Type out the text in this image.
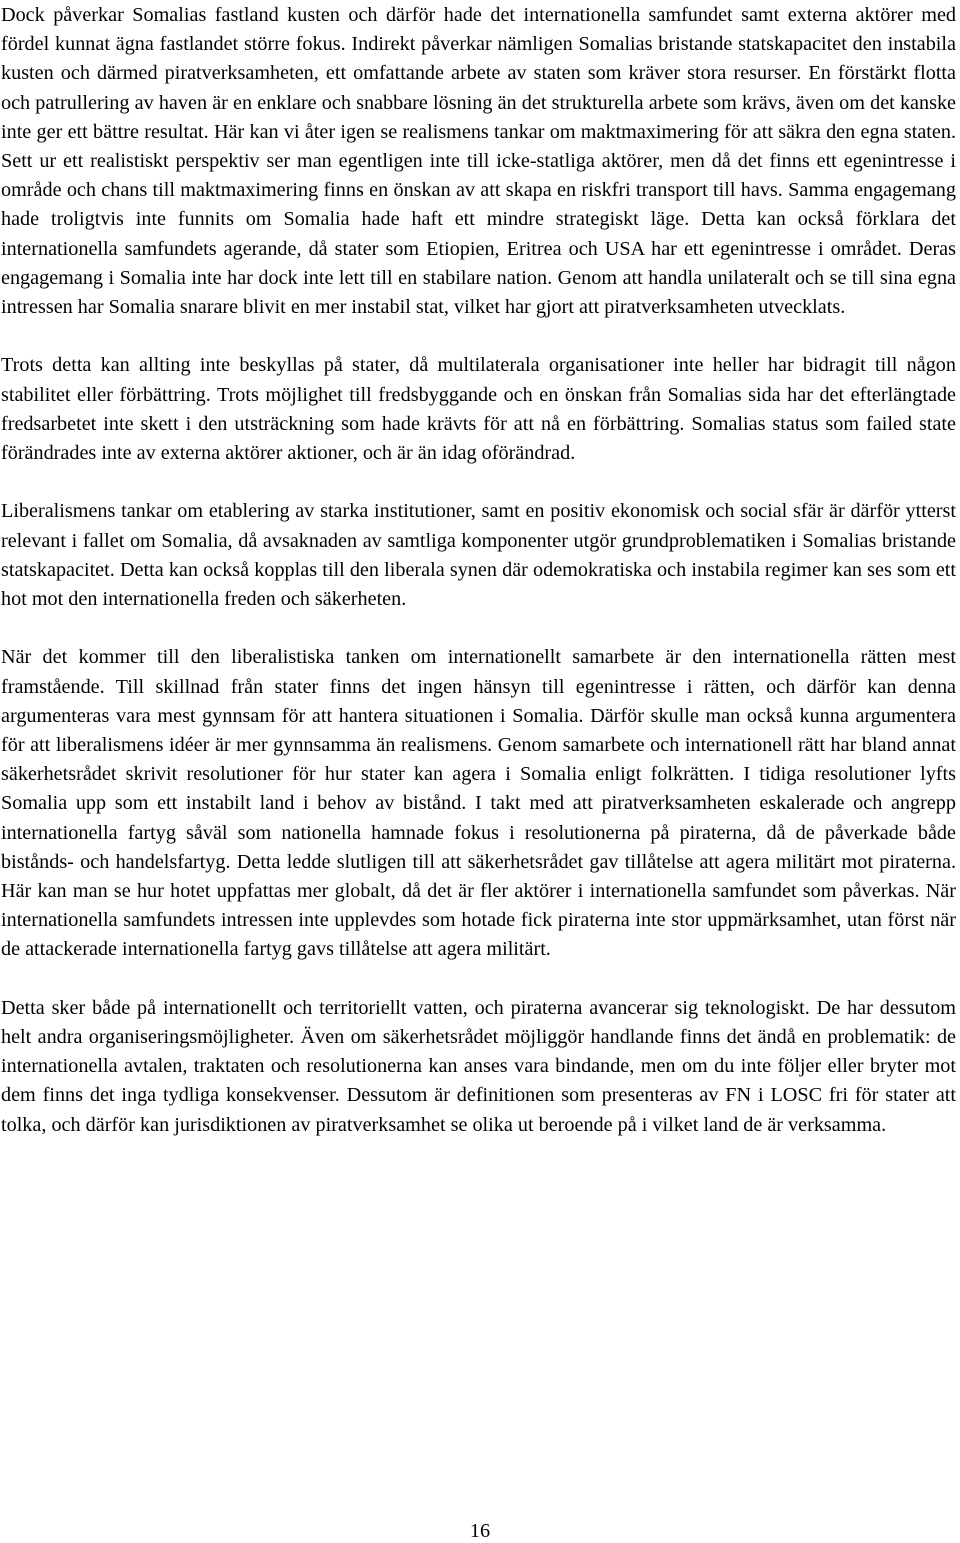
Dock påverkar Somalias fastland kusten och därför hade det internationella samfundet samt externa aktörer med fördel kunnat ägna fastlandet större fokus. Indirekt påverkar nämligen Somalias bristande statskapacitet den instabila kusten och därmed piratverksamheten, ett omfattande arbete av staten som kräver stora resurser. En förstärkt flotta och patrullering av haven är en enklare och snabbare lösning än det strukturella arbete som krävs, även om det kanske inte ger ett bättre resultat. Här kan vi åter igen se realismens tankar om maktmaximering för att säkra den egna staten. Sett ur ett realistiskt perspektiv ser man egentligen inte till icke-statliga aktörer, men då det finns ett egenintresse i område och chans till maktmaximering finns en önskan av att skapa en riskfri transport till havs. Samma engagemang hade troligtvis inte funnits om Somalia hade haft ett mindre strategiskt läge. Detta kan också förklara det internationella samfundets agerande, då stater som Etiopien, Eritrea och USA har ett egenintresse i området. Deras engagemang i Somalia inte har dock inte lett till en stabilare nation. Genom att handla unilateralt och se till sina egna intressen har Somalia snarare blivit en mer instabil stat, vilket har gjort att piratverksamheten utvecklats.

Trots detta kan allting inte beskyllas på stater, då multilaterala organisationer inte heller har bidragit till någon stabilitet eller förbättring. Trots möjlighet till fredsbyggande och en önskan från Somalias sida har det efterlängtade fredsarbetet inte skett i den utsträckning som hade krävts för att nå en förbättring. Somalias status som failed state förändrades inte av externa aktörer aktioner, och är än idag oförändrad.

Liberalismens tankar om etablering av starka institutioner, samt en positiv ekonomisk och social sfär är därför ytterst relevant i fallet om Somalia, då avsaknaden av samtliga komponenter utgör grundproblematiken i Somalias bristande statskapacitet. Detta kan också kopplas till den liberala synen där odemokratiska och instabila regimer kan ses som ett hot mot den internationella freden och säkerheten.

När det kommer till den liberalistiska tanken om internationellt samarbete är den internationella rätten mest framstående. Till skillnad från stater finns det ingen hänsyn till egenintresse i rätten, och därför kan denna argumenteras vara mest gynnsam för att hantera situationen i Somalia. Därför skulle man också kunna argumentera för att liberalismens idéer är mer gynnsamma än realismens. Genom samarbete och internationell rätt har bland annat säkerhetsrådet skrivit resolutioner för hur stater kan agera i Somalia enligt folkrätten. I tidiga resolutioner lyfts Somalia upp som ett instabilt land i behov av bistånd. I takt med att piratverksamheten eskalerade och angrepp internationella fartyg såväl som nationella hamnade fokus i resolutionerna på piraterna, då de påverkade både bistånds- och handelsfartyg. Detta ledde slutligen till att säkerhetsrådet gav tillåtelse att agera militärt mot piraterna. Här kan man se hur hotet uppfattas mer globalt, då det är fler aktörer i internationella samfundet som påverkas. När internationella samfundets intressen inte upplevdes som hotade fick piraterna inte stor uppmärksamhet, utan först när de attackerade internationella fartyg gavs tillåtelse att agera militärt.

Detta sker både på internationellt och territoriellt vatten, och piraterna avancerar sig teknologiskt. De har dessutom helt andra organiseringsmöjligheter. Även om säkerhetsrådet möjliggör handlande finns det ändå en problematik: de internationella avtalen, traktaten och resolutionerna kan anses vara bindande, men om du inte följer eller bryter mot dem finns det inga tydliga konsekvenser. Dessutom är definitionen som presenteras av FN i LOSC fri för stater att tolka, och därför kan jurisdiktionen av piratverksamhet se olika ut beroende på i vilket land de är verksamma.

16
